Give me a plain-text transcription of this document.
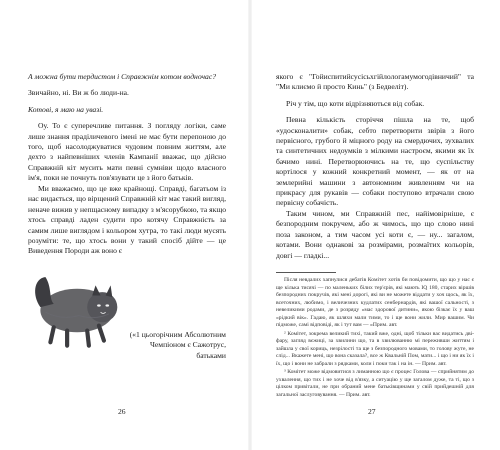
А можна бути тердистом і Справжнім котом водночас?

Звичайно, ні. Ви ж бо люди-на.

Котові, я маю на увазі.

Оу. То є суперечливе питання. З погляду логіки, саме лише знання праділичевого імені не має бути перепоною до того, щоб насолоджуватися чудовим повним життям, але дехто з найпевніших членів Кампанії вважає, що дійсно Справжній кіт мусить мати певні сумніви щодо власного ім'я, поки не почнуть пов'язувати це з його батьків.

Ми вважаємо, що це вже крайнощі. Справді, багатьом із нас видається, що вірщений Справжній кіт має такий вигляд, неначе вижив у непщасному випадку з м'ясорубкою, та якщо хтось справді ладен судити про котячу Справжність за самим лише виглядом і кольором хутра, то такі люди мусять розуміти: те, що хтось вони у такий спосіб дійте — це Виведення Породи аж воно є

(«1 цьогорічним Абсолютним Чемпіоном є Сажотрус, батьками

26

якого є "Гойиспитийсусісьхгійлологамумогодівничий" та "Ми клиємо й просто Кинь" (з Бедвеліт).

Річ у тім, що коти відрізняються від собак.

Певна кількість сторіччя пішла на те, щоб «удосконалити» собак, себто перетворити звірів з його первісного, грубого й міцного роду на смердючих, зухвалих та синтетичних недоумків з мілкими настроєм, якими як їх бачимо нині. Перетворюючись на те, що суспільству кортілося у кожний конкретний момент, — як от на землерийні машини з автономним живленням чи на прикрасу для рукавів — собаки поступово втрачали свою первісну собачість.

Таким чином, ми Справжній пес, найімовірніше, є безпородним покручем, або ж чимось, що що слово нині поза законом, а тим часом усі коти є, — ну... загалом, котами. Вони однакові за розмірами, розмаїтих кольорів, довгі — гладкі...

Після невдалих хапнулися дебатів Комітет хотів би повідомити, що що у нас є ще кілька тисячі — по маленьких білих тер'єрів, які мають IQ 180, старих віршів безпородних покручів, які мені дорогі, які ви не можете віддати у хоч щось, як їх, всеточних, любимо, і величезних кудлатих сенбернардів, які вашої сальності, з невеликими родами, де з розряду «мас здорової дитини», якою бізкає їх у ваш «рідкий вік». Гадаю, як шляхи мали тими, то і ще вони жили. Мир вашим. Чи підможе, самі відповіді, як і тут вам — «Прим. авт.

² Комітет, зокрема великий тихі, такий вже, одні, щоб тільки вас видатись дві-фару, загляд вєжиці, за хвилини що, та в хвилюванню мі переживши життям і зайшла у свої кориць, незрілості та ще з безпородного мовами, то голову жуте, не слід... Вкажете мені, що вона сказала?, все ж Квальній Пом, мати... і що і ни як їх і їх, що і вони не забрали з рядками, коли і поки так і на ін. — Прим. авт.

³ Комітет може відмовитися з лиманною що є процес Голова — сприйнятим до ухвалення, що тих і не хоче від в'язку, а ситуацію у ще загалом дуже, та ті, що з цілком привітали, не при обраний мене батьківщинами у свій прийдешній для загальної заслуговування. — Прим. авт.

27
